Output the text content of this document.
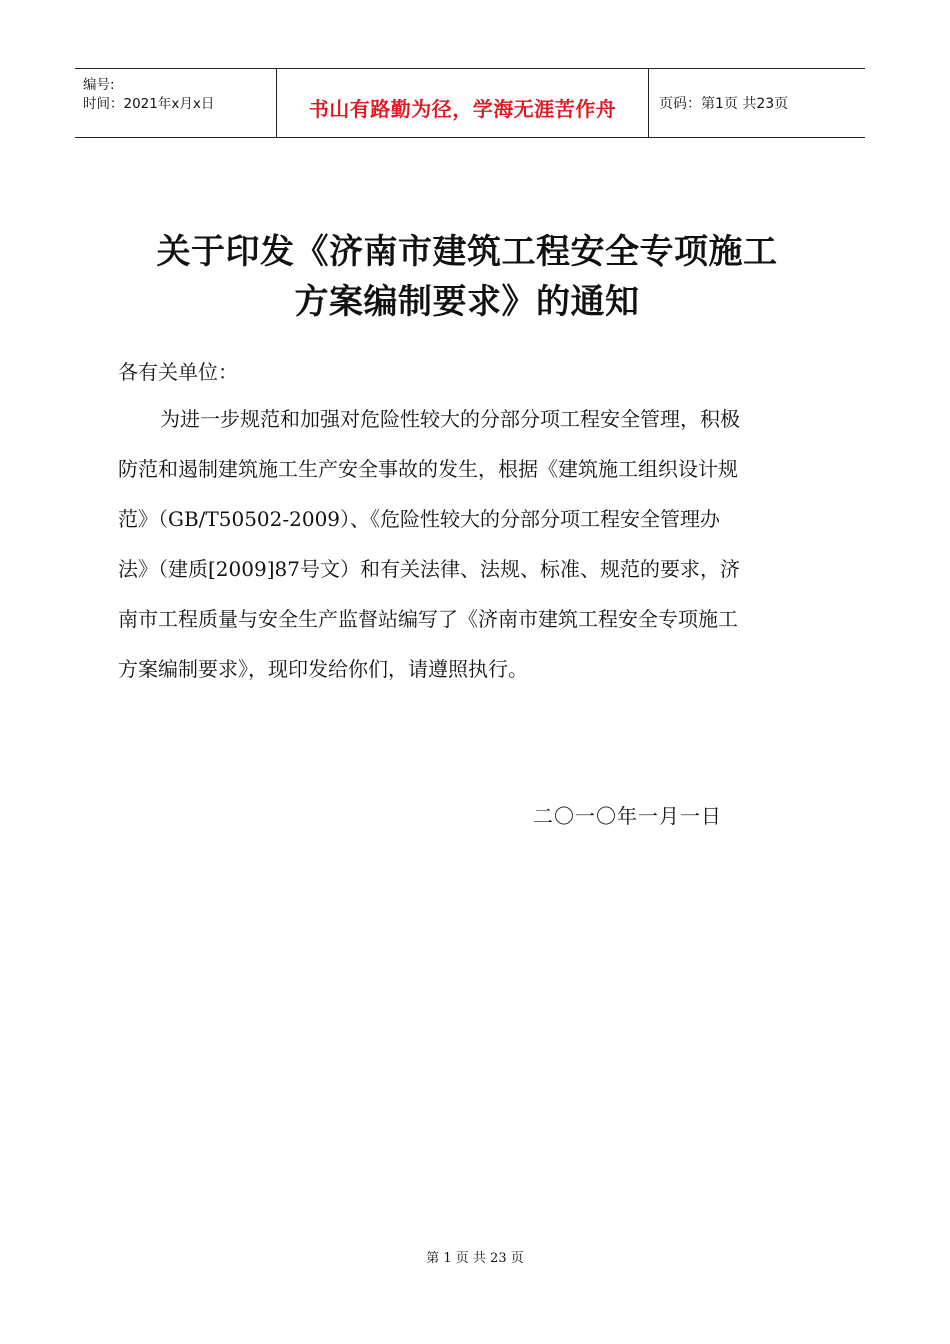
编号:
时间：2021年x月x日	书山有路勤为径，学海无涯苦作舟	页码：第1页 共23页
关于印发《济南市建筑工程安全专项施工
方案编制要求》的通知
各有关单位：
为进一步规范和加强对危险性较大的分部分项工程安全管理，积极
防范和遏制建筑施工生产安全事故的发生，根据《建筑施工组织设计规
范》（GB/T50502-2009）、《危险性较大的分部分项工程安全管理办
法》（建质[2009]87号文）和有关法律、法规、标准、规范的要求，济
南市工程质量与安全生产监督站编写了《济南市建筑工程安全专项施工
方案编制要求》，现印发给你们，请遵照执行。
二〇一〇年一月一日
第 1 页 共 23 页
